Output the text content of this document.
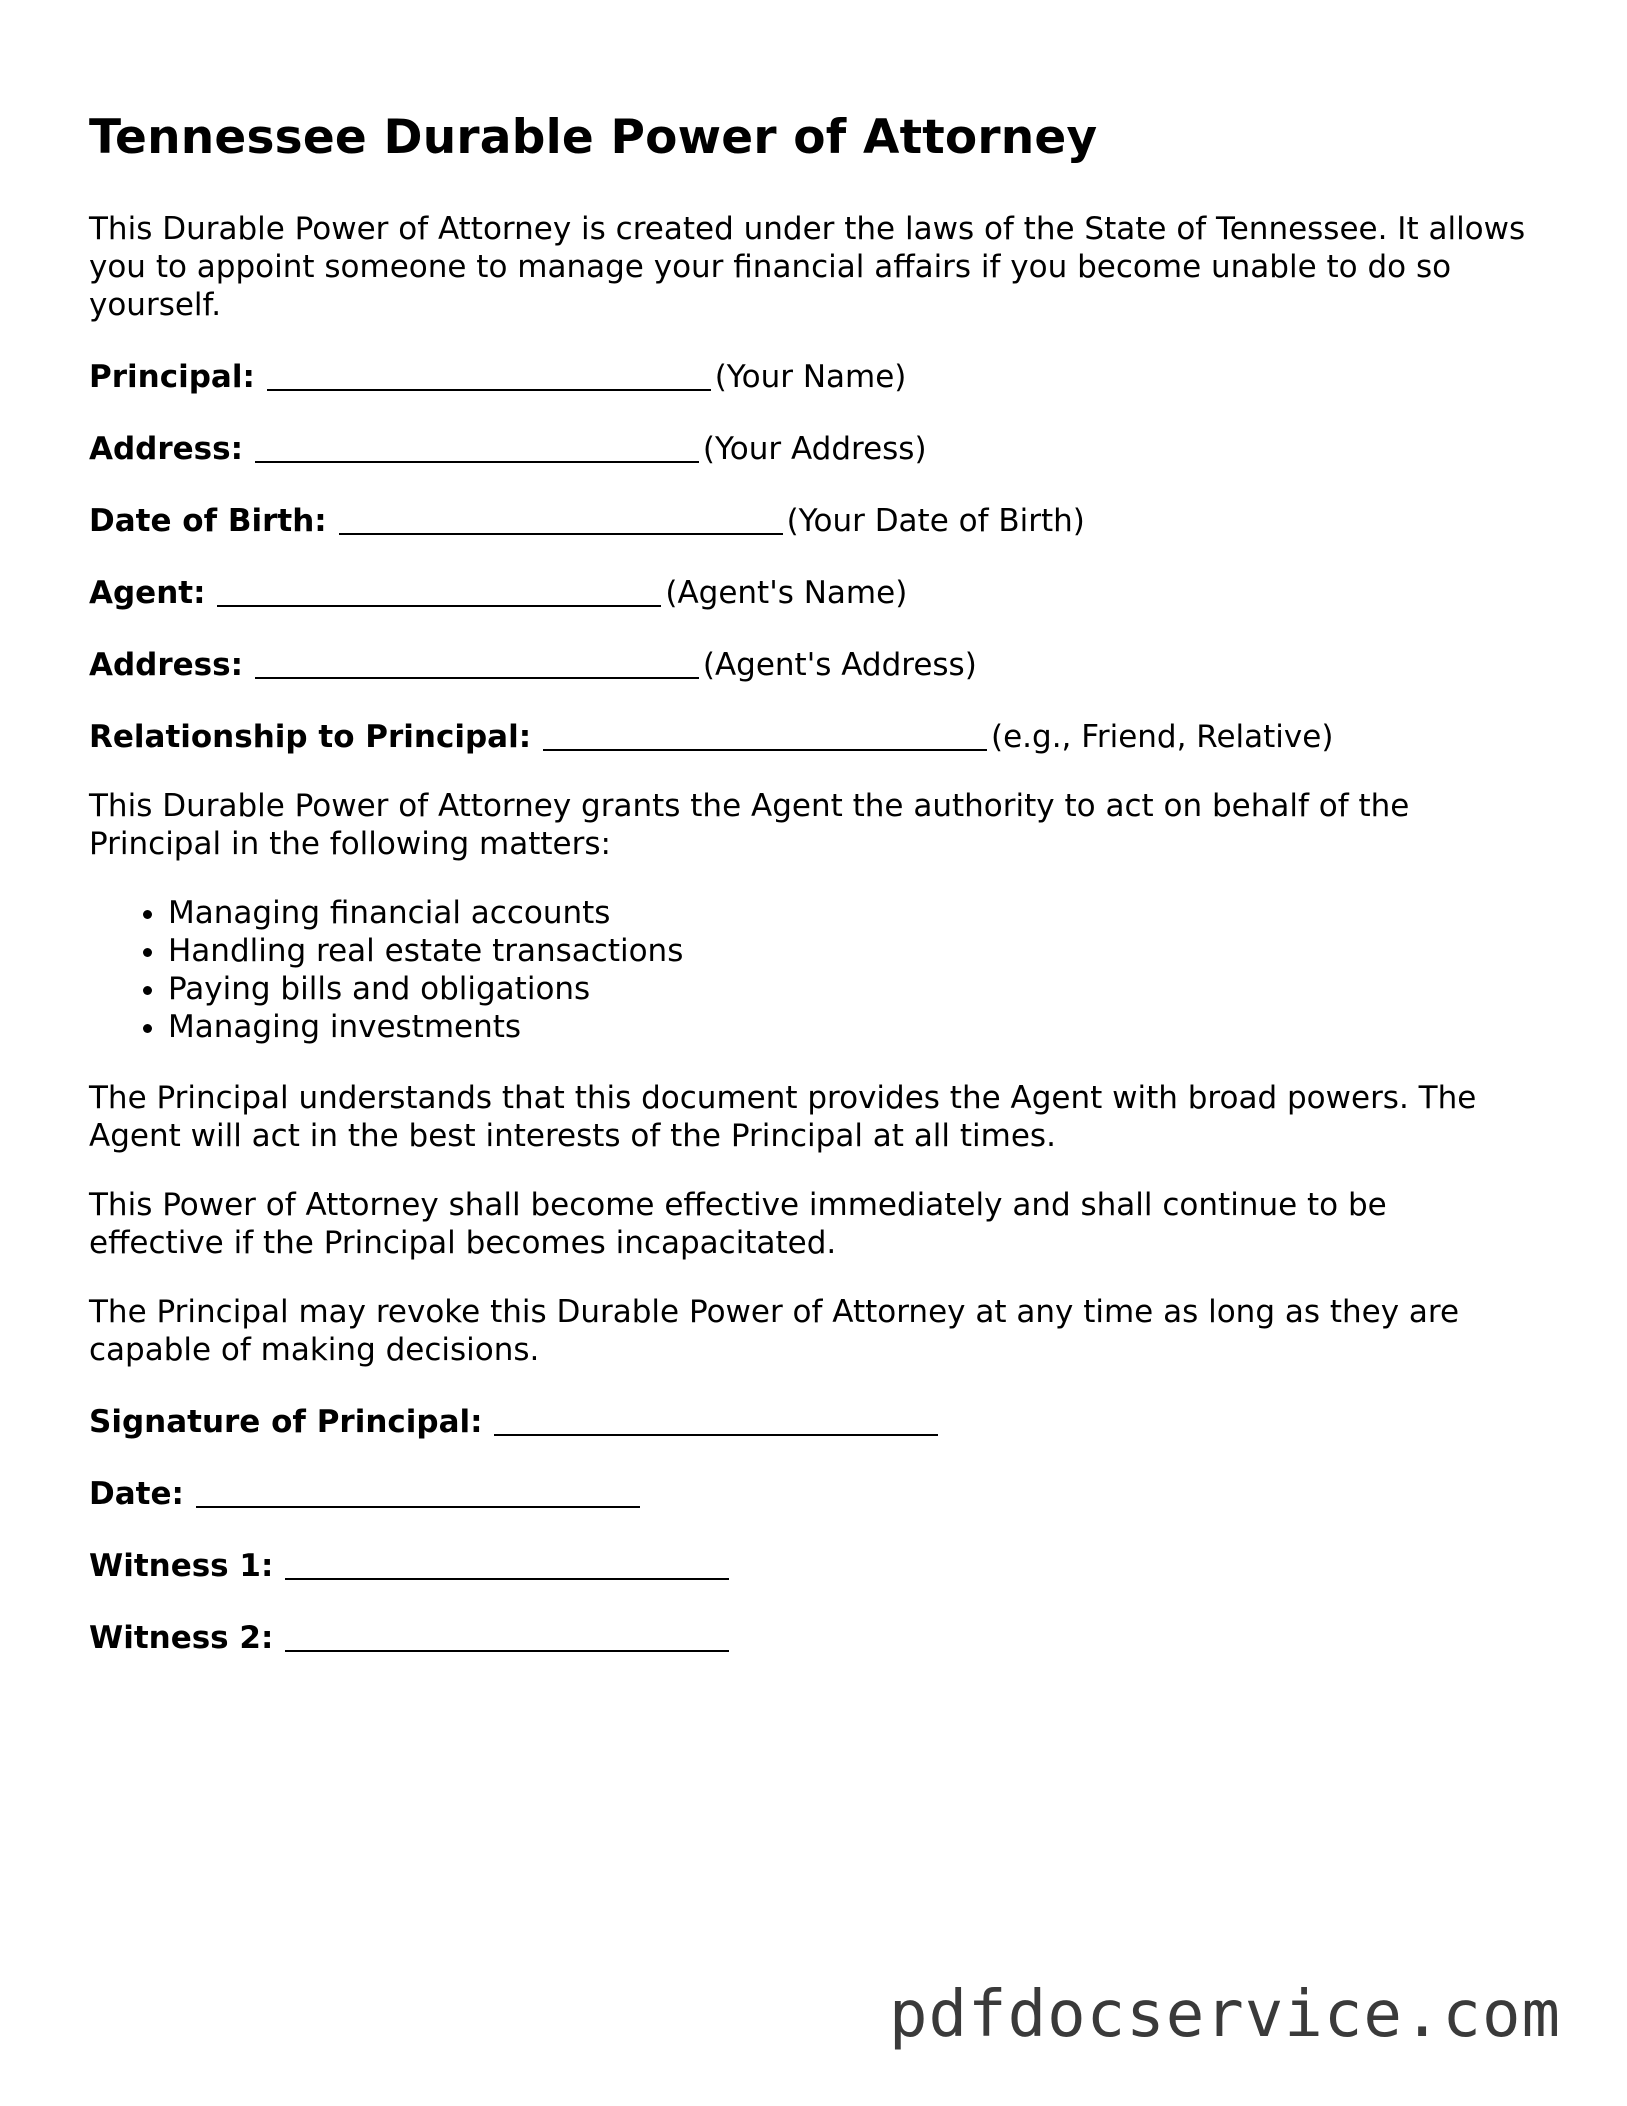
Tennessee Durable Power of Attorney

This Durable Power of Attorney is created under the laws of the State of Tennessee. It allows you to appoint someone to manage your financial affairs if you become unable to do so yourself.

Principal:	(Your Name)
Address:	(Your Address)
Date of Birth:	(Your Date of Birth)
Agent:	(Agent's Name)
Address:	(Agent's Address)
Relationship to Principal:	(e.g., Friend, Relative)

This Durable Power of Attorney grants the Agent the authority to act on behalf of the Principal in the following matters:

• Managing financial accounts
• Handling real estate transactions
• Paying bills and obligations
• Managing investments

The Principal understands that this document provides the Agent with broad powers. The Agent will act in the best interests of the Principal at all times.

This Power of Attorney shall become effective immediately and shall continue to be effective if the Principal becomes incapacitated.

The Principal may revoke this Durable Power of Attorney at any time as long as they are capable of making decisions.

Signature of Principal:
Date:
Witness 1:
Witness 2:
pdfdocservice.com
